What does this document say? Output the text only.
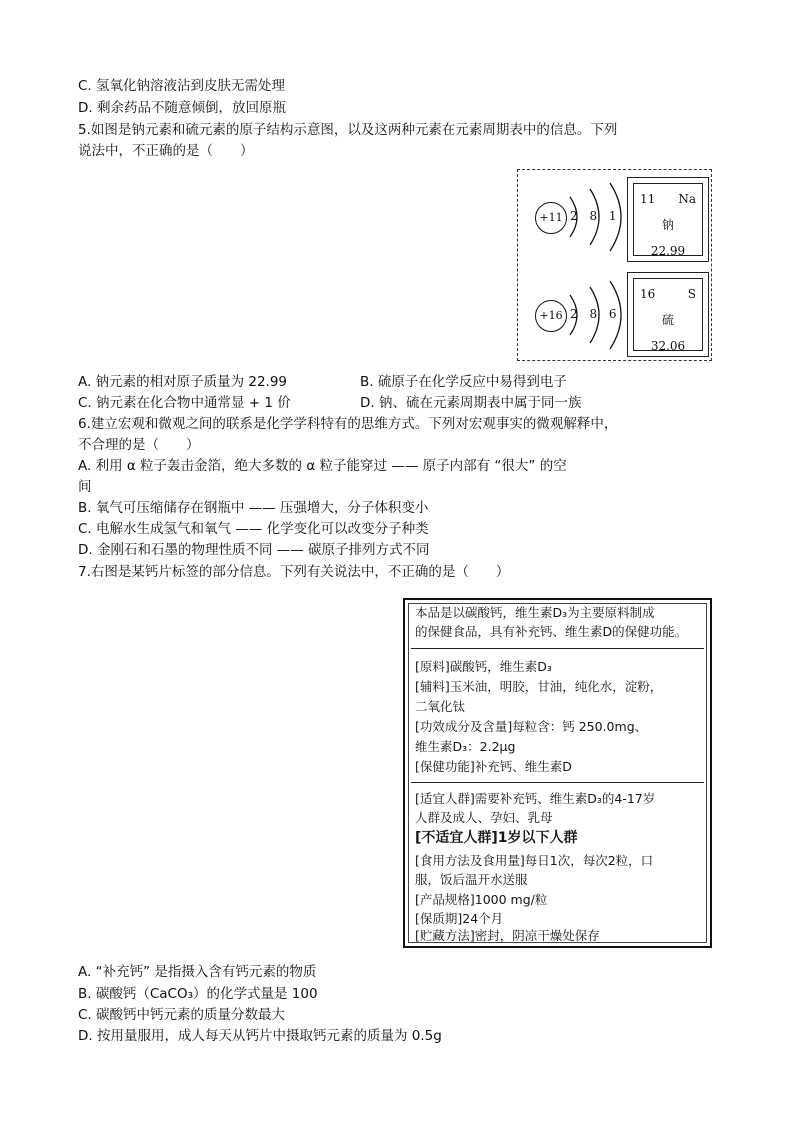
C. 氢氧化钠溶液沾到皮肤无需处理
D. 剩余药品不随意倾倒，放回原瓶
5.如图是钠元素和硫元素的原子结构示意图，以及这两种元素在元素周期表中的信息。下列
说法中，不正确的是（　　）
+11 2 8 1
11 Na
钠
22.99
+16 2 8 6
16	S
硫
32.06
A. 钠元素的相对原子质量为 22.99	B. 硫原子在化学反应中易得到电子
C. 钠元素在化合物中通常显 + 1 价	D. 钠、硫在元素周期表中属于同一族
6.建立宏观和微观之间的联系是化学学科特有的思维方式。下列对宏观事实的微观解释中，
不合理的是（　　）
A. 利用 α 粒子轰击金箔，绝大多数的 α 粒子能穿过 —— 原子内部有 “很大” 的空
间
B. 氧气可压缩储存在钢瓶中 —— 压强增大，分子体积变小
C. 电解水生成氢气和氧气 —— 化学变化可以改变分子种类
D. 金刚石和石墨的物理性质不同 —— 碳原子排列方式不同
7.右图是某钙片标签的部分信息。下列有关说法中，不正确的是（　　）
本品是以碳酸钙，维生素D₃为主要原料制成
的保健食品，具有补充钙、维生素D的保健功能。
[原料]碳酸钙，维生素D₃
[辅料]玉米油，明胶，甘油，纯化水，淀粉，
二氧化钛
[功效成分及含量]每粒含：钙 250.0mg、
维生素D₃：2.2μg
[保健功能]补充钙、维生素D
[适宜人群]需要补充钙、维生素D₃的4-17岁
人群及成人、孕妇、乳母
[不适宜人群]1岁以下人群
[食用方法及食用量]每日1次，每次2粒，口
服，饭后温开水送服
[产品规格]1000 mg/粒
[保质期]24个月
[贮藏方法]密封，阴凉干燥处保存
A. “补充钙” 是指摄入含有钙元素的物质
B. 碳酸钙（CaCO₃）的化学式量是 100
C. 碳酸钙中钙元素的质量分数最大
D. 按用量服用，成人每天从钙片中摄取钙元素的质量为 0.5g
